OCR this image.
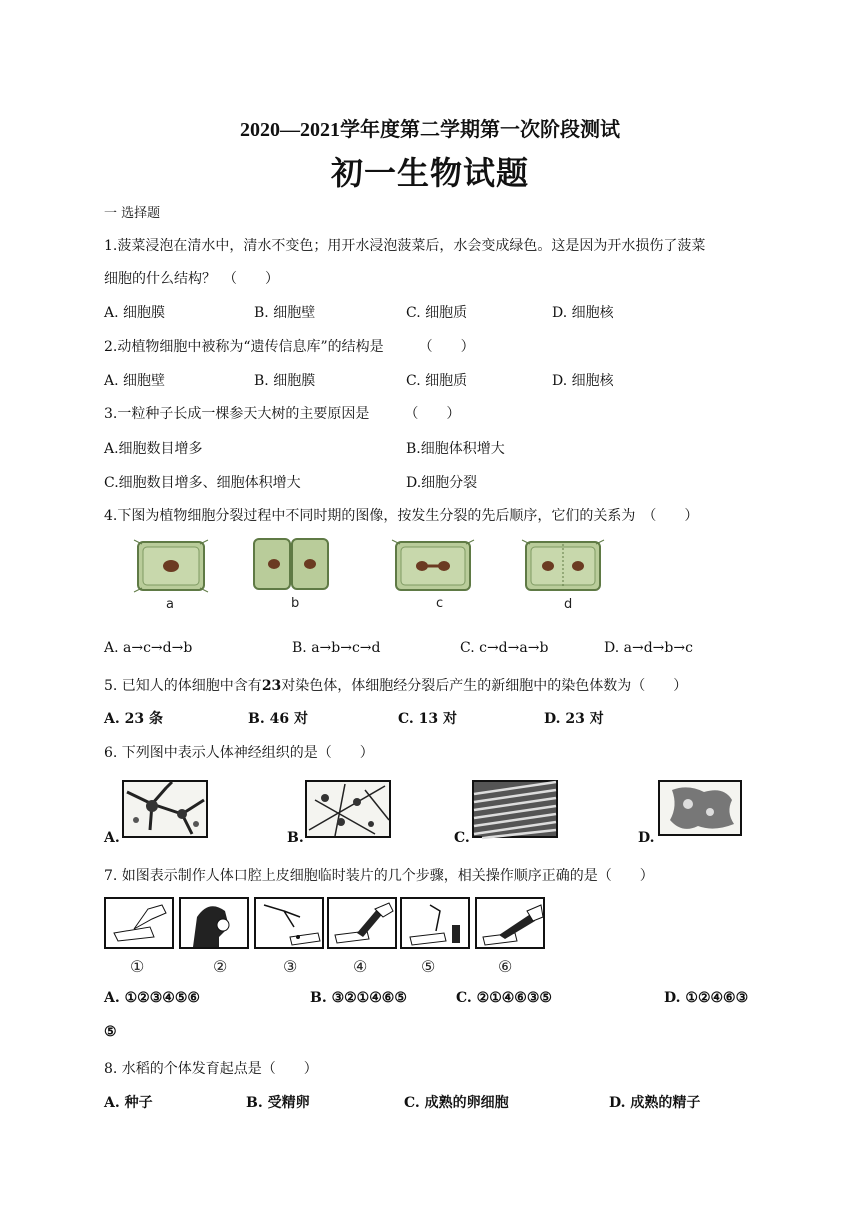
2020—2021学年度第二学期第一次阶段测试
初一生物试题
一 选择题
1.菠菜浸泡在清水中，清水不变色；用开水浸泡菠菜后，水会变成绿色。这是因为开水损伤了菠菜
细胞的什么结构？　（　　）
A. 细胞膜	B. 细胞壁	C. 细胞质	D. 细胞核
2.动植物细胞中被称为“遗传信息库”的结构是　　　（　　）
A. 细胞壁	B. 细胞膜	C. 细胞质	D. 细胞核
3.一粒种子长成一棵参天大树的主要原因是　　　（　　）
A.细胞数目增多	B.细胞体积增大
C.细胞数目增多、细胞体积增大	D.细胞分裂
4.下图为植物细胞分裂过程中不同时期的图像，按发生分裂的先后顺序，它们的关系为　（　　）
a	b	c	d
A. a→c→d→b	B. a→b→c→d	C. c→d→a→b	D. a→d→b→c
5. 已知人的体细胞中含有23对染色体，体细胞经分裂后产生的新细胞中的染色体数为（　　）
A. 23 条	B. 46 对	C. 13 对	D. 23 对
6. 下列图中表示人体神经组织的是（　　）
A.	B.	C.	D.
7. 如图表示制作人体口腔上皮细胞临时装片的几个步骤，相关操作顺序正确的是（　　）
①	②	③	④	⑤	⑥
A. ①②③④⑤⑥	B. ③②①④⑥⑤	C. ②①④⑥③⑤	D. ①②④⑥③
⑤
8. 水稻的个体发育起点是（　　）
A. 种子	B. 受精卵	C. 成熟的卵细胞	D. 成熟的精子
